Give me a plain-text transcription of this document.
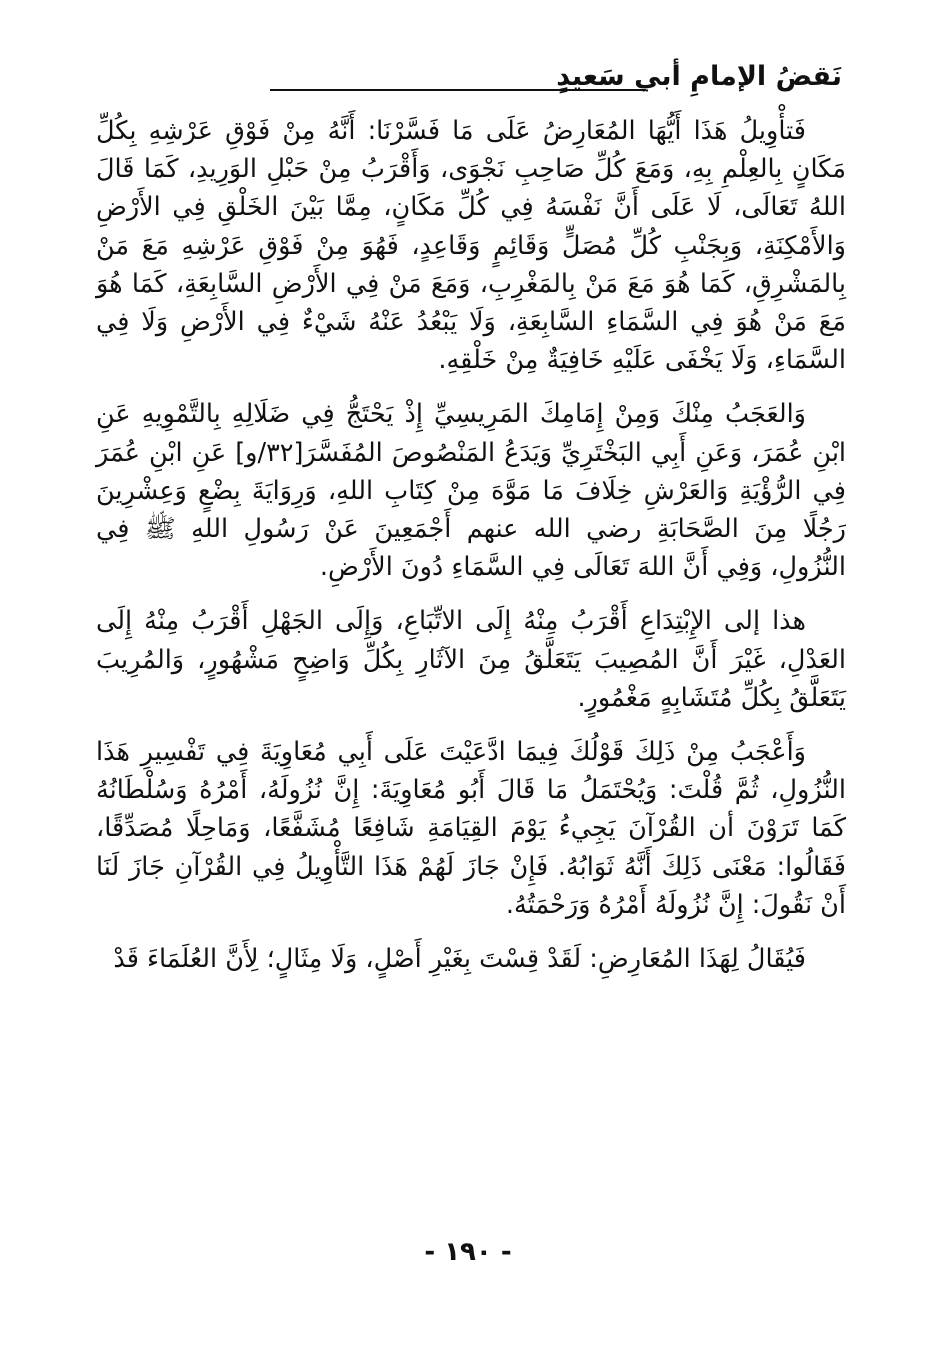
نَقضُ الإمامِ أبي سَعيدٍ

فَتأْوِيلُ هَذَا أَيُّهَا المُعَارِضُ عَلَى مَا فَسَّرْنَا: أَنَّهُ مِنْ فَوْقِ عَرْشِهِ بِكُلِّ مَكَانٍ بِالعِلْمِ بِهِ، وَمَعَ كُلِّ صَاحِبِ نَجْوَى، وَأَقْرَبُ مِنْ حَبْلِ الوَرِيدِ، كَمَا قَالَ اللهُ تَعَالَى، لَا عَلَى أَنَّ نَفْسَهُ فِي كُلِّ مَكَانٍ، مِمَّا بَيْنَ الخَلْقِ فِي الأَرْضِ وَالأَمْكِنَةِ، وَبِجَنْبِ كُلِّ مُصَلٍّ وَقَائِمٍ وَقَاعِدٍ، فَهُوَ مِنْ فَوْقِ عَرْشِهِ مَعَ مَنْ بِالمَشْرِقِ، كَمَا هُوَ مَعَ مَنْ بِالمَغْرِبِ، وَمَعَ مَنْ فِي الأَرْضِ السَّابِعَةِ، كَمَا هُوَ مَعَ مَنْ هُوَ فِي السَّمَاءِ السَّابِعَةِ، وَلَا يَبْعُدُ عَنْهُ شَيْءٌ فِي الأَرْضِ وَلَا فِي السَّمَاءِ، وَلَا يَخْفَى عَلَيْهِ خَافِيَةٌ مِنْ خَلْقِهِ.

وَالعَجَبُ مِنْكَ وَمِنْ إِمَامِكَ المَرِيسِيِّ إِذْ يَحْتَجُّ فِي ضَلَالِهِ بِالتَّمْوِيهِ عَنِ ابْنِ عُمَرَ، وَعَنِ أَبِي البَخْتَرِيِّ وَيَدَعُ المَنْصُوصَ المُفَسَّرَ[٣٢/و] عَنِ ابْنِ عُمَرَ فِي الرُّؤْيَةِ وَالعَرْشِ خِلَافَ مَا مَوَّهَ مِنْ كِتَابِ اللهِ، وَرِوَايَةَ بِضْعٍ وَعِشْرِينَ رَجُلًا مِنَ الصَّحَابَةِ رضي الله عنهم أَجْمَعِينَ عَنْ رَسُولِ اللهِ ﷺ فِي النُّزُولِ، وَفِي أَنَّ اللهَ تَعَالَى فِي السَّمَاءِ دُونَ الأَرْضِ.

هذا إلى الإِبْتِدَاعِ أَقْرَبُ مِنْهُ إِلَى الاتِّبَاعِ، وَإِلَى الجَهْلِ أَقْرَبُ مِنْهُ إِلَى العَدْلِ، غَيْرَ أَنَّ المُصِيبَ يَتَعَلَّقُ مِنَ الآثَارِ بِكُلِّ وَاضِحٍ مَشْهُورٍ، وَالمُرِيبَ يَتَعَلَّقُ بِكُلِّ مُتَشَابِهٍ مَغْمُورٍ.

وَأَعْجَبُ مِنْ ذَلِكَ قَوْلُكَ فِيمَا ادَّعَيْتَ عَلَى أَبِي مُعَاوِيَةَ فِي تَفْسِيرِ هَذَا النُّزُولِ، ثُمَّ قُلْتَ: وَيُحْتَمَلُ مَا قَالَ أَبُو مُعَاوِيَةَ: إِنَّ نُزُولَهُ، أَمْرُهُ وَسُلْطَانُهُ كَمَا تَرَوْنَ أن القُرْآنَ يَجِيءُ يَوْمَ القِيَامَةِ شَافِعًا مُشَفَّعًا، وَمَاحِلًا مُصَدِّقًا، فَقَالُوا: مَعْنَى ذَلِكَ أَنَّهُ ثَوَابُهُ. فَإِنْ جَازَ لَهُمْ هَذَا التَّأْوِيلُ فِي القُرْآنِ جَازَ لَنَا أَنْ نَقُولَ: إِنَّ نُزُولَهُ أَمْرُهُ وَرَحْمَتُهُ.

فَيُقَالُ لِهَذَا المُعَارِضِ: لَقَدْ قِسْتَ بِغَيْرِ أَصْلٍ، وَلَا مِثَالٍ؛ لِأَنَّ العُلَمَاءَ قَدْ

- ١٩٠ -
